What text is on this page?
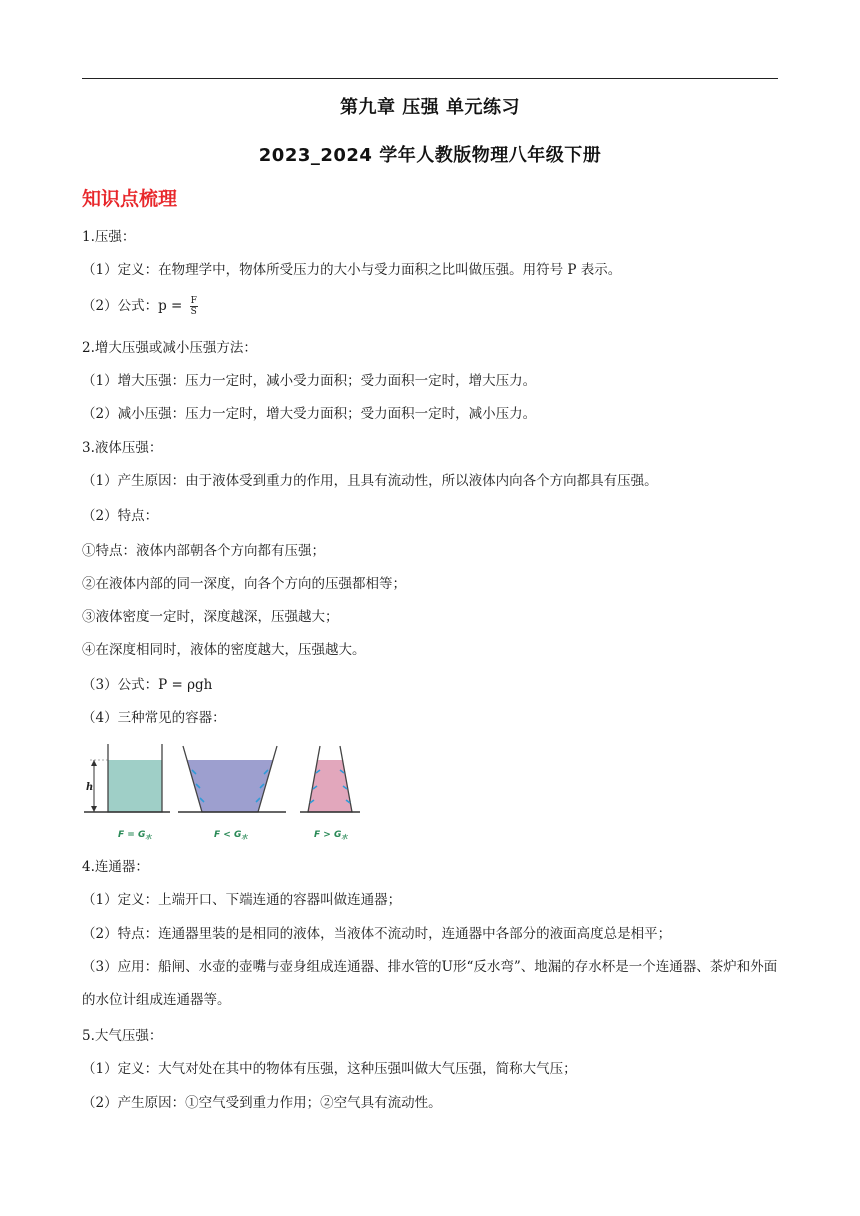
第九章 压强 单元练习
2023_2024 学年人教版物理八年级下册
知识点梳理
1.压强：
（1）定义：在物理学中，物体所受压力的大小与受力面积之比叫做压强。用符号 P 表示。
（2）公式：$p = \frac{F}{S}$
2.增大压强或减小压强方法：
（1）增大压强：压力一定时，减小受力面积；受力面积一定时，增大压力。
（2）减小压强：压力一定时，增大受力面积；受力面积一定时，减小压力。
3.液体压强：
（1）产生原因：由于液体受到重力的作用，且具有流动性，所以液体内向各个方向都具有压强。
（2）特点：
①特点：液体内部朝各个方向都有压强；
②在液体内部的同一深度，向各个方向的压强都相等；
③液体密度一定时，深度越深，压强越大；
④在深度相同时，液体的密度越大，压强越大。
（3）公式：P = ρgh
（4）三种常见的容器：
h
$F = G_水$	$F < G_水$	$F > G_水$
4.连通器：
（1）定义：上端开口、下端连通的容器叫做连通器；
（2）特点：连通器里装的是相同的液体，当液体不流动时，连通器中各部分的液面高度总是相平；
（3）应用：船闸、水壶的壶嘴与壶身组成连通器、排水管的U形“反水弯”、地漏的存水杯是一个连通器、茶炉和外面的水位计组成连通器等。
5.大气压强：
（1）定义：大气对处在其中的物体有压强，这种压强叫做大气压强，简称大气压；
（2）产生原因：①空气受到重力作用；②空气具有流动性。
